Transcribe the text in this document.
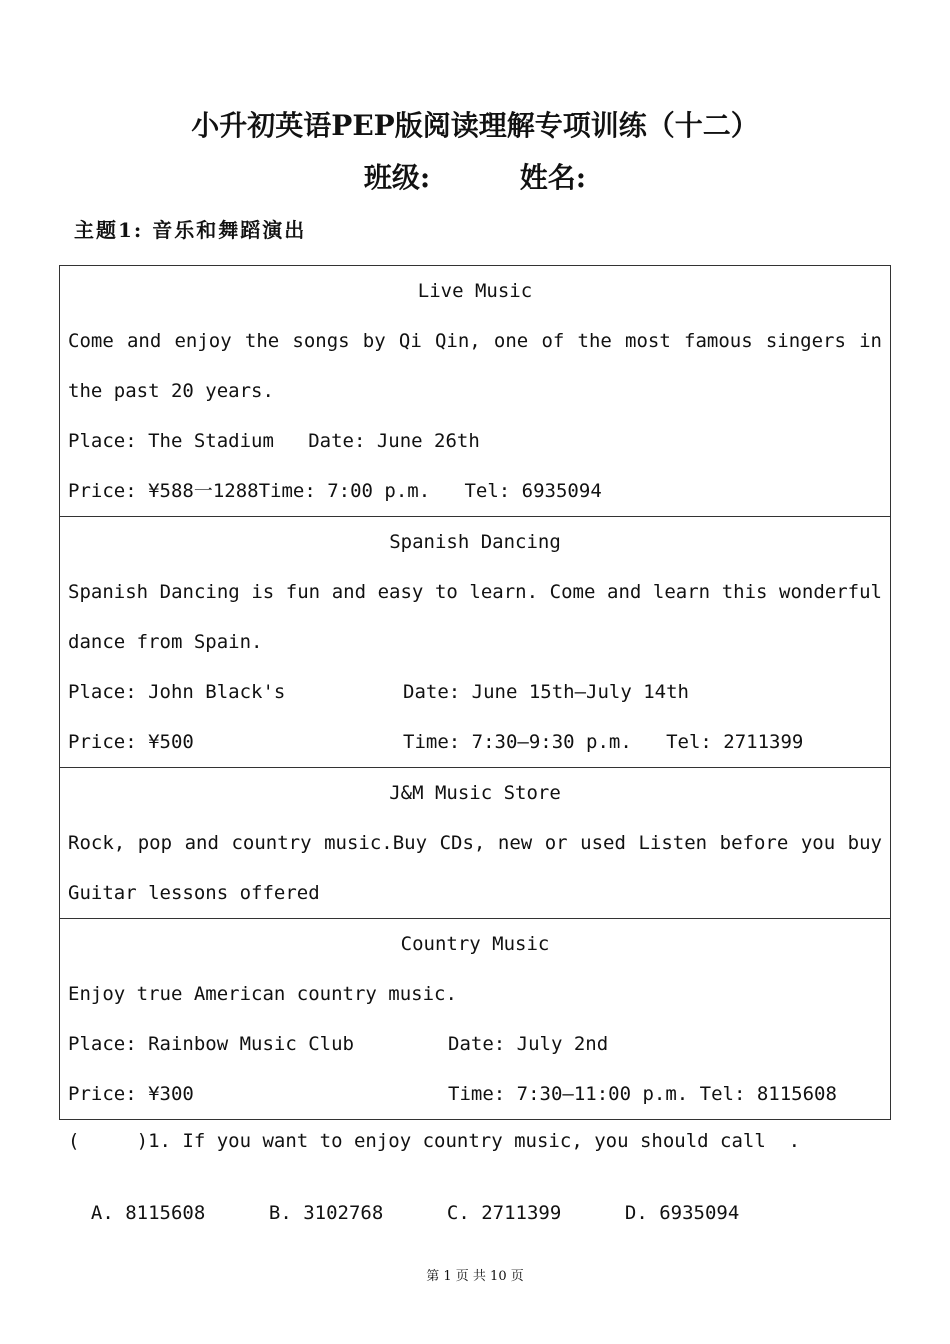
小升初英语PEP版阅读理解专项训练（十二）
班级:	姓名:
主题1: 音乐和舞蹈演出
Live Music
Come and enjoy the songs by Qi Qin, one of the most famous singers in
the past 20 years.
Place: The Stadium   Date: June 26th
Price: ¥588一1288Time: 7:00 p.m.   Tel: 6935094

Spanish Dancing
Spanish Dancing is fun and easy to learn. Come and learn this wonderful
dance from Spain.
Place: John Black's	Date: June 15th—July 14th
Price: ¥500	Time: 7:30—9:30 p.m.   Tel: 2711399

J&M Music Store
Rock, pop and country music.Buy CDs, new or used Listen before you buy
Guitar lessons offered

Country Music
Enjoy true American country music.
Place: Rainbow Music Club	Date: July 2nd
Price: ¥300	Time: 7:30—11:00 p.m. Tel: 8115608
(     )1. If you want to enjoy country music, you should call  .

A. 8115608	B. 3102768	C. 2711399	D. 6935094

第 1 页 共 10 页
